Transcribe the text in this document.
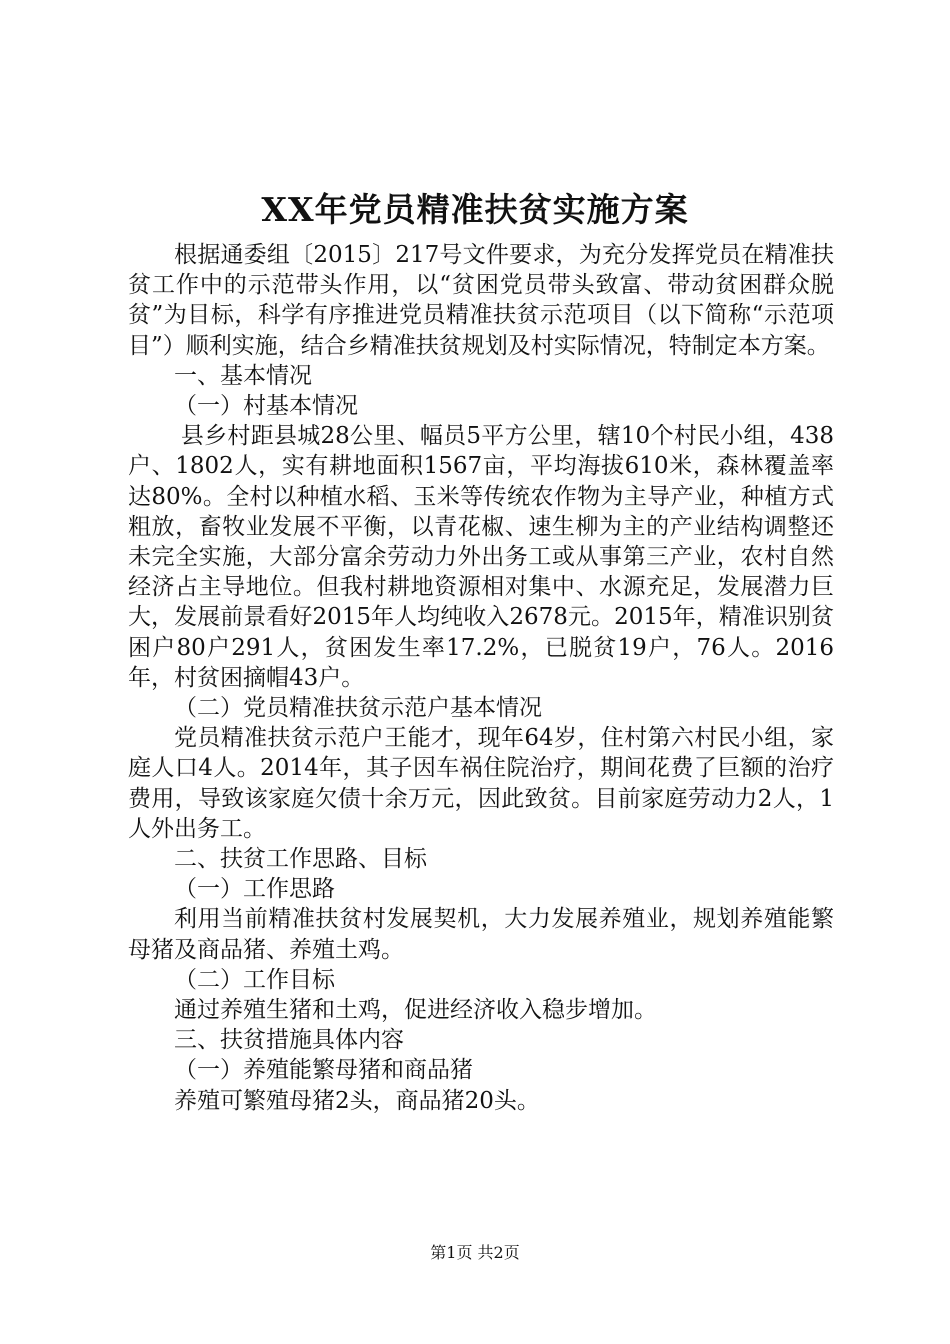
XX年党员精准扶贫实施方案

根据通委组〔2015〕217号文件要求，为充分发挥党员在精准扶贫工作中的示范带头作用，以“贫困党员带头致富、带动贫困群众脱贫”为目标，科学有序推进党员精准扶贫示范项目（以下简称“示范项目”）顺利实施，结合乡精准扶贫规划及村实际情况，特制定本方案。

一、基本情况

（一）村基本情况

县乡村距县城28公里、幅员5平方公里，辖10个村民小组，438户、1802人，实有耕地面积1567亩，平均海拔610米，森林覆盖率达80%。全村以种植水稻、玉米等传统农作物为主导产业，种植方式粗放，畜牧业发展不平衡，以青花椒、速生柳为主的产业结构调整还未完全实施，大部分富余劳动力外出务工或从事第三产业，农村自然经济占主导地位。但我村耕地资源相对集中、水源充足，发展潜力巨大，发展前景看好2015年人均纯收入2678元。2015年，精准识别贫困户80户291人，贫困发生率17.2%，已脱贫19户，76人。2016年，村贫困摘帽43户。

（二）党员精准扶贫示范户基本情况

党员精准扶贫示范户王能才，现年64岁，住村第六村民小组，家庭人口4人。2014年，其子因车祸住院治疗，期间花费了巨额的治疗费用，导致该家庭欠债十余万元，因此致贫。目前家庭劳动力2人，1人外出务工。

二、扶贫工作思路、目标

（一）工作思路

利用当前精准扶贫村发展契机，大力发展养殖业，规划养殖能繁母猪及商品猪、养殖土鸡。

（二）工作目标

通过养殖生猪和土鸡，促进经济收入稳步增加。

三、扶贫措施具体内容

（一）养殖能繁母猪和商品猪

养殖可繁殖母猪2头，商品猪20头。

第1页 共2页
